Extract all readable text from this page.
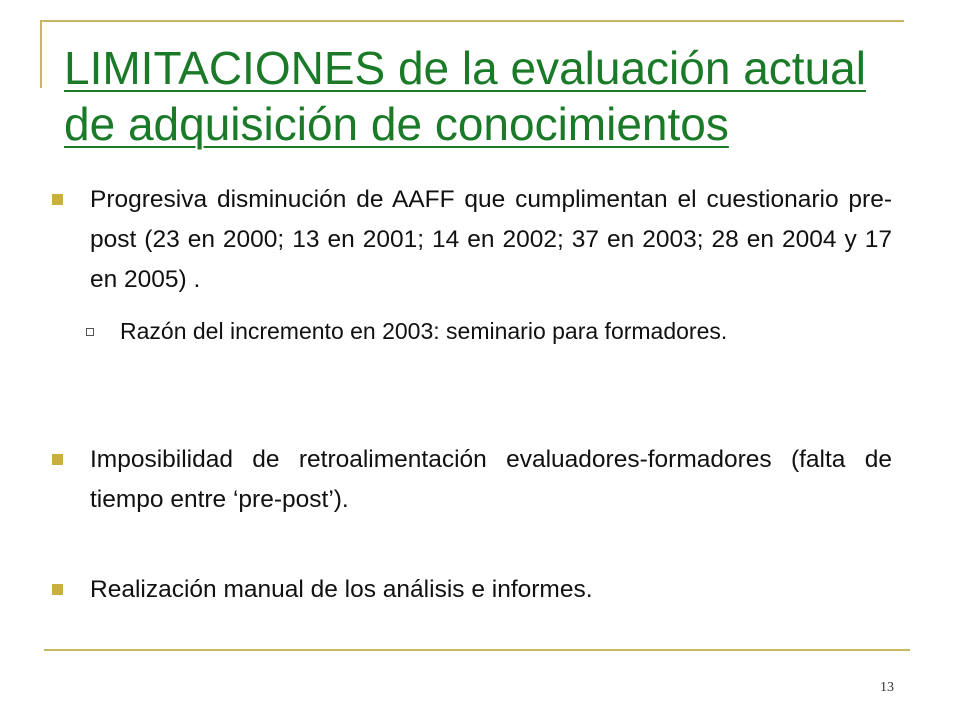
LIMITACIONES de la evaluación actual
de adquisición de conocimientos
Progresiva disminución de AAFF que cumplimentan el cuestionario pre-post (23 en 2000; 13 en 2001; 14 en 2002; 37 en 2003; 28 en 2004 y 17 en 2005) .
Razón del incremento en 2003: seminario para formadores.
Imposibilidad de retroalimentación evaluadores-formadores (falta de tiempo entre ‘pre-post’).
Realización manual de los análisis e informes.
13
